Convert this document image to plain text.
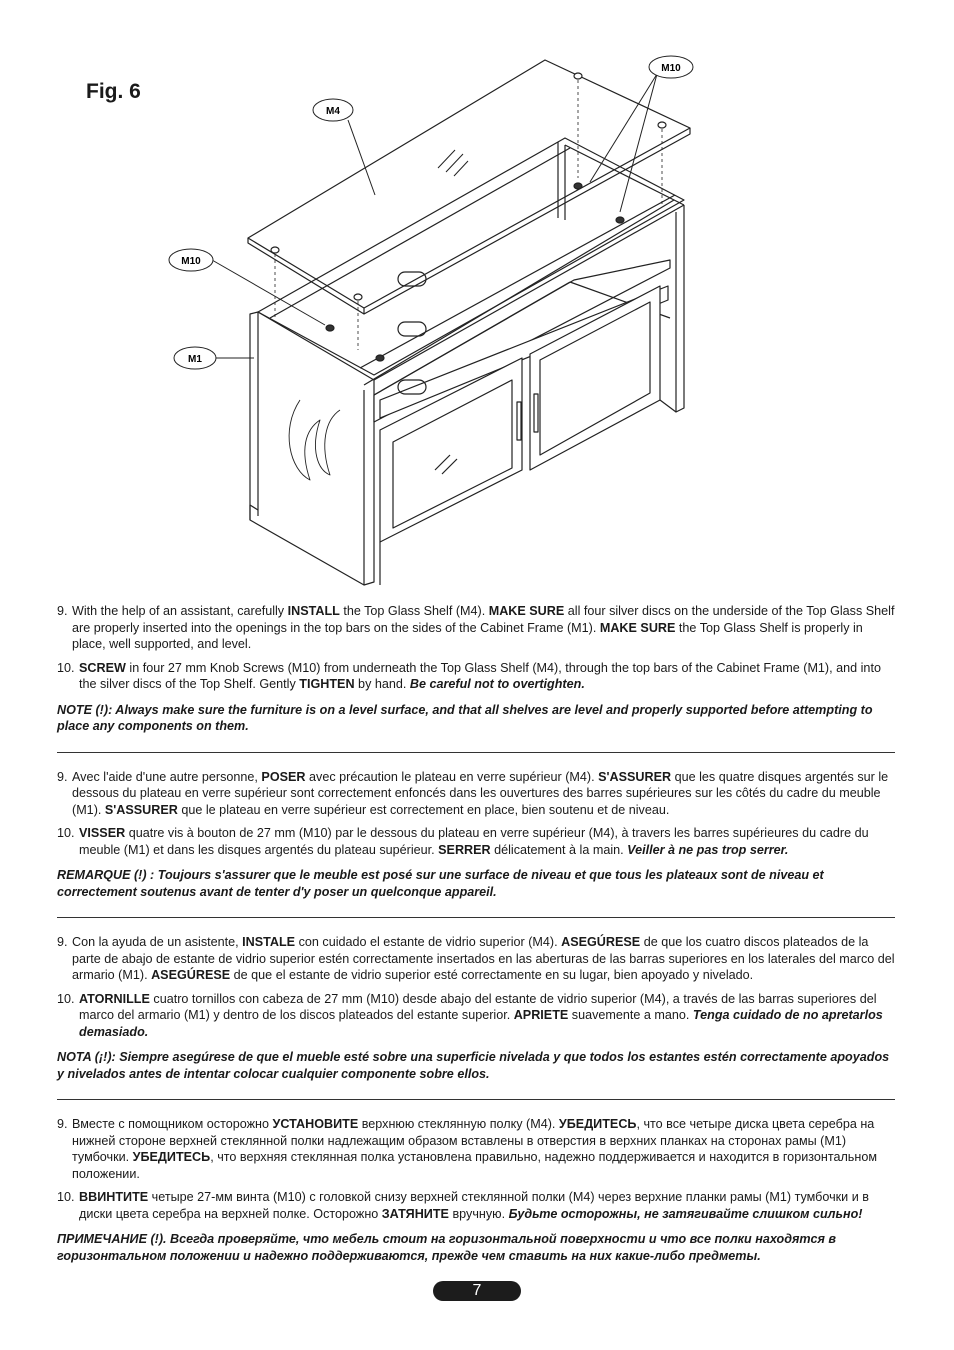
Fig. 6
M4
M10
M10
M1
9. With the help of an assistant, carefully INSTALL the Top Glass Shelf (M4). MAKE SURE all four silver discs on the underside of the Top Glass Shelf are properly inserted into the openings in the top bars on the sides of the Cabinet Frame (M1). MAKE SURE the Top Glass Shelf is properly in place, well supported, and level.
10. SCREW in four 27 mm Knob Screws (M10) from underneath the Top Glass Shelf (M4), through the top bars of the Cabinet Frame (M1), and into the silver discs of the Top Shelf. Gently TIGHTEN by hand. Be careful not to overtighten.
NOTE (!): Always make sure the furniture is on a level surface, and that all shelves are level and properly supported before attempting to place any components on them.
9. Avec l'aide d'une autre personne, POSER avec précaution le plateau en verre supérieur (M4). S'ASSURER que les quatre disques argentés sur le dessous du plateau en verre supérieur sont correctement enfoncés dans les ouvertures des barres supérieures sur les côtés du cadre du meuble (M1). S'ASSURER que le plateau en verre supérieur est correctement en place, bien soutenu et de niveau.
10. VISSER quatre vis à bouton de 27 mm (M10) par le dessous du plateau en verre supérieur (M4), à travers les barres supérieures du cadre du meuble (M1) et dans les disques argentés du plateau supérieur. SERRER délicatement à la main. Veiller à ne pas trop serrer.
REMARQUE (!) : Toujours s'assurer que le meuble est posé sur une surface de niveau et que tous les plateaux sont de niveau et correctement soutenus avant de tenter d'y poser un quelconque appareil.
9. Con la ayuda de un asistente, INSTALE con cuidado el estante de vidrio superior (M4). ASEGÚRESE de que los cuatro discos plateados de la parte de abajo de estante de vidrio superior estén correctamente insertados en las aberturas de las barras superiores en los laterales del marco del armario (M1). ASEGÚRESE de que el estante de vidrio superior esté correctamente en su lugar, bien apoyado y nivelado.
10. ATORNILLE cuatro tornillos con cabeza de 27 mm (M10) desde abajo del estante de vidrio superior (M4), a través de las barras superiores del marco del armario (M1) y dentro de los discos plateados del estante superior. APRIETE suavemente a mano. Tenga cuidado de no apretarlos demasiado.
NOTA (¡!): Siempre asegúrese de que el mueble esté sobre una superficie nivelada y que todos los estantes estén correctamente apoyados y nivelados antes de intentar colocar cualquier componente sobre ellos.
9. Вместе с помощником осторожно УСТАНОВИТЕ верхнюю стеклянную полку (M4). УБЕДИТЕСЬ, что все четыре диска цвета серебра на нижней стороне верхней стеклянной полки надлежащим образом вставлены в отверстия в верхних планках на сторонах рамы (M1) тумбочки. УБЕДИТЕСЬ, что верхняя стеклянная полка установлена правильно, надежно поддерживается и находится в горизонтальном положении.
10. ВВИНТИТЕ четыре 27-мм винта (M10) с головкой снизу верхней стеклянной полки (M4) через верхние планки рамы (M1) тумбочки и в диски цвета серебра на верхней полке. Осторожно ЗАТЯНИТЕ вручную. Будьте осторожны, не затягивайте слишком сильно!
ПРИМЕЧАНИЕ (!). Всегда проверяйте, что мебель стоит на горизонтальной поверхности и что все полки находятся в горизонтальном положении и надежно поддерживаются, прежде чем ставить на них какие-либо предметы.
7
